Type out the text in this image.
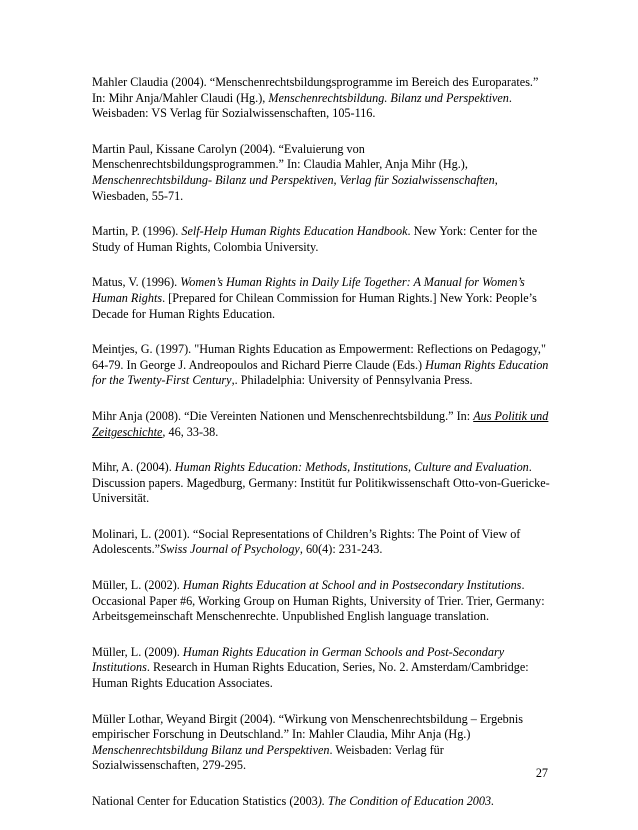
Mahler Claudia (2004). “Menschenrechtsbildungsprogramme im Bereich des Europarates.” In: Mihr Anja/Mahler Claudi (Hg.), Menschenrechtsbildung. Bilanz und Perspektiven. Weisbaden: VS Verlag für Sozialwissenschaften, 105-116.

Martin Paul, Kissane Carolyn (2004). “Evaluierung von Menschenrechtsbildungsprogrammen.” In: Claudia Mahler, Anja Mihr (Hg.), Menschenrechtsbildung- Bilanz und Perspektiven, Verlag für Sozialwissenschaften, Wiesbaden, 55-71.

Martin, P. (1996). Self-Help Human Rights Education Handbook. New York: Center for the Study of Human Rights, Colombia University.

Matus, V. (1996). Women’s Human Rights in Daily Life Together: A Manual for Women’s Human Rights. [Prepared for Chilean Commission for Human Rights.] New York: People’s Decade for Human Rights Education.

Meintjes, G. (1997). "Human Rights Education as Empowerment: Reflections on Pedagogy," 64-79. In George J. Andreopoulos and Richard Pierre Claude (Eds.) Human Rights Education for the Twenty-First Century,. Philadelphia: University of Pennsylvania Press.

Mihr Anja (2008). “Die Vereinten Nationen und Menschenrechtsbildung.” In: Aus Politik und Zeitgeschichte, 46, 33-38.

Mihr, A. (2004). Human Rights Education: Methods, Institutions, Culture and Evaluation. Discussion papers. Magedburg, Germany: Institüt fur Politikwissenschaft Otto-von-Guericke-Universität.

Molinari, L. (2001). “Social Representations of Children’s Rights: The Point of View of Adolescents.”Swiss Journal of Psychology, 60(4): 231-243.

Müller, L. (2002). Human Rights Education at School and in Postsecondary Institutions. Occasional Paper #6, Working Group on Human Rights, University of Trier. Trier, Germany: Arbeitsgemeinschaft Menschenrechte. Unpublished English language translation.

Müller, L. (2009). Human Rights Education in German Schools and Post-Secondary Institutions. Research in Human Rights Education, Series, No. 2. Amsterdam/Cambridge: Human Rights Education Associates.

Müller Lothar, Weyand Birgit (2004). “Wirkung von Menschenrechtsbildung – Ergebnis empirischer Forschung in Deutschland.” In: Mahler Claudia, Mihr Anja (Hg.) Menschenrechtsbildung Bilanz und Perspektiven. Weisbaden: Verlag für Sozialwissenschaften, 279-295.

National Center for Education Statistics (2003). The Condition of Education 2003.

27
